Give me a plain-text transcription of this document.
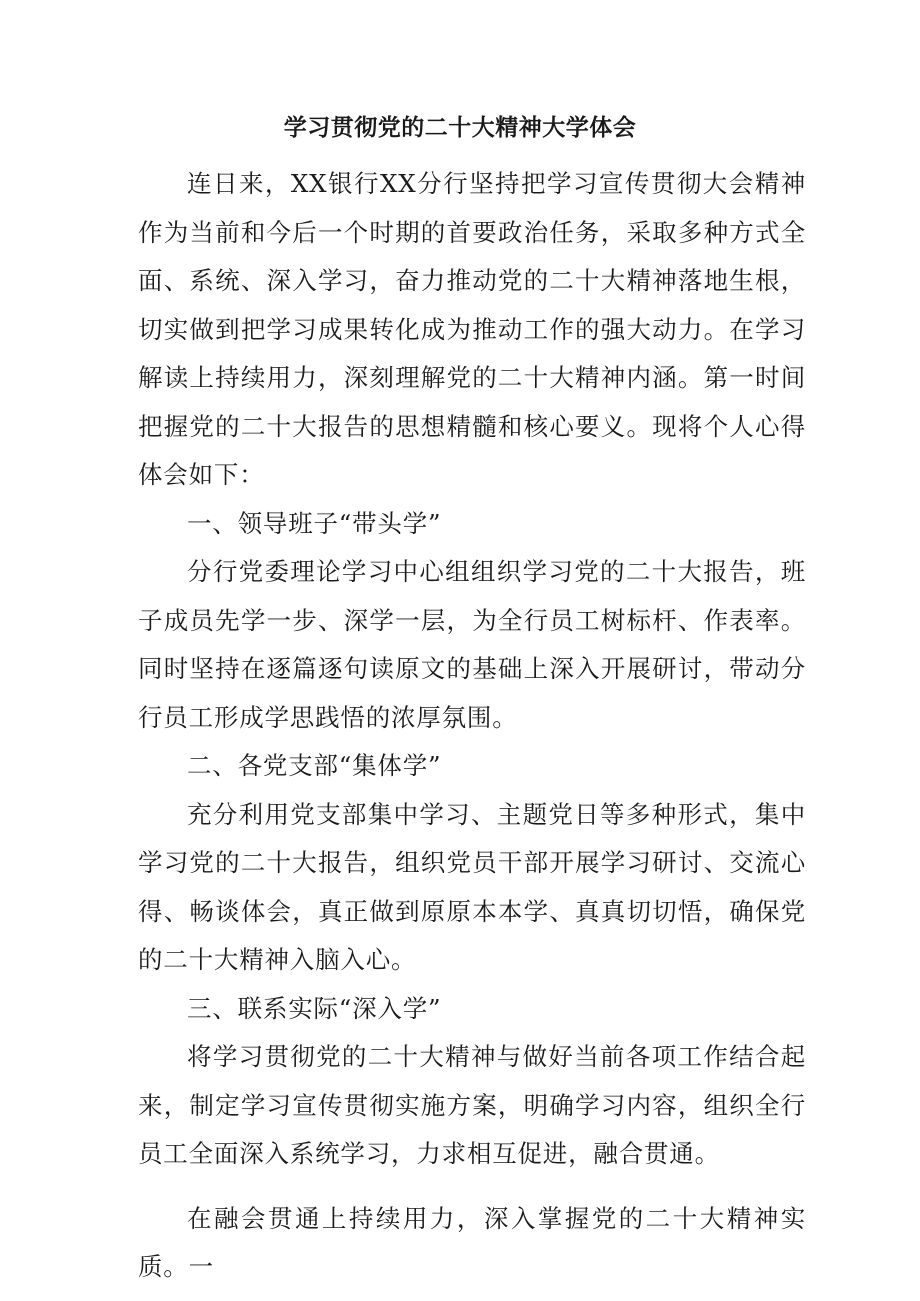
学习贯彻党的二十大精神大学体会

连日来，XX银行XX分行坚持把学习宣传贯彻大会精神作为当前和今后一个时期的首要政治任务，采取多种方式全面、系统、深入学习，奋力推动党的二十大精神落地生根，切实做到把学习成果转化成为推动工作的强大动力。在学习解读上持续用力，深刻理解党的二十大精神内涵。第一时间把握党的二十大报告的思想精髓和核心要义。现将个人心得体会如下：

一、领导班子“带头学”

分行党委理论学习中心组组织学习党的二十大报告，班子成员先学一步、深学一层，为全行员工树标杆、作表率。同时坚持在逐篇逐句读原文的基础上深入开展研讨，带动分行员工形成学思践悟的浓厚氛围。

二、各党支部“集体学”

充分利用党支部集中学习、主题党日等多种形式，集中学习党的二十大报告，组织党员干部开展学习研讨、交流心得、畅谈体会，真正做到原原本本学、真真切切悟，确保党的二十大精神入脑入心。

三、联系实际“深入学”

将学习贯彻党的二十大精神与做好当前各项工作结合起来，制定学习宣传贯彻实施方案，明确学习内容，组织全行员工全面深入系统学习，力求相互促进，融合贯通。

在融会贯通上持续用力，深入掌握党的二十大精神实质。一
